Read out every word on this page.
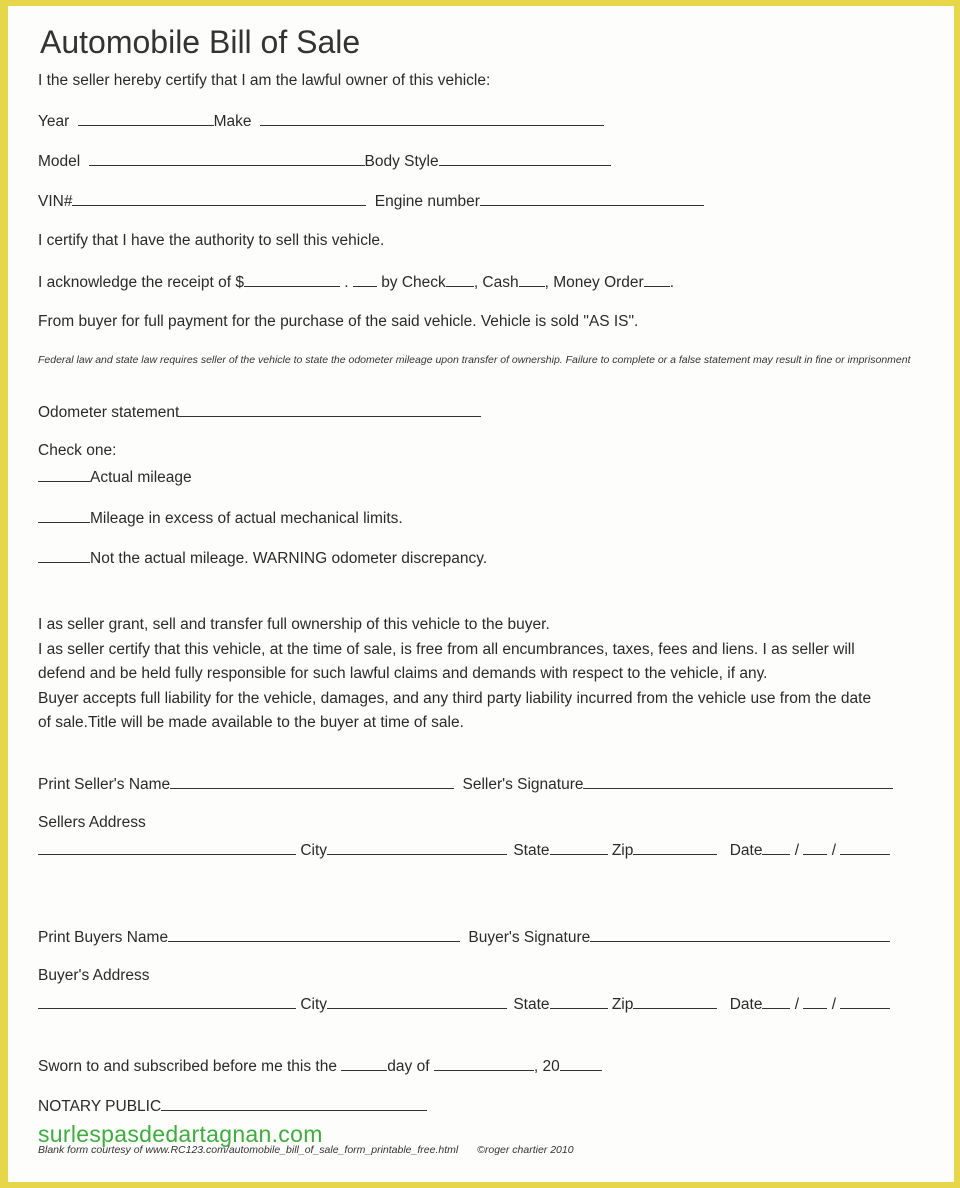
Automobile Bill of Sale
I the seller hereby certify that I am the lawful owner of this vehicle:
Year	Make
Model	Body Style
VIN#	Engine number
I certify that I have the authority to sell this vehicle.
I acknowledge the receipt of $	. by Check , Cash , Money Order .
From buyer for full payment for the purchase of the said vehicle. Vehicle is sold "AS IS".
Federal law and state law requires seller of the vehicle to state the odometer mileage upon transfer of ownership. Failure to complete or a false statement may result in fine or imprisonment
Odometer statement
Check one:
Actual mileage
Mileage in excess of actual mechanical limits.
Not the actual mileage. WARNING odometer discrepancy.
I as seller grant, sell and transfer full ownership of this vehicle to the buyer.
I as seller certify that this vehicle, at the time of sale, is free from all encumbrances, taxes, fees and liens. I as seller will
defend and be held fully responsible for such lawful claims and demands with respect to the vehicle, if any.
Buyer accepts full liability for the vehicle, damages, and any third party liability incurred from the vehicle use from the date
of sale.Title will be made available to the buyer at time of sale.
Print Seller's Name	Seller's Signature
Sellers Address
City	State	Zip	Date / /
Print Buyers Name	Buyer's Signature
Buyer's Address
City	State	Zip	Date / /
Sworn to and subscribed before me this the	day of	, 20
NOTARY PUBLIC
surlespasdedartagnan.com
Blank form courtesy of www.RC123.com/automobile_bill_of_sale_form_printable_free.html ©roger chartier 2010
